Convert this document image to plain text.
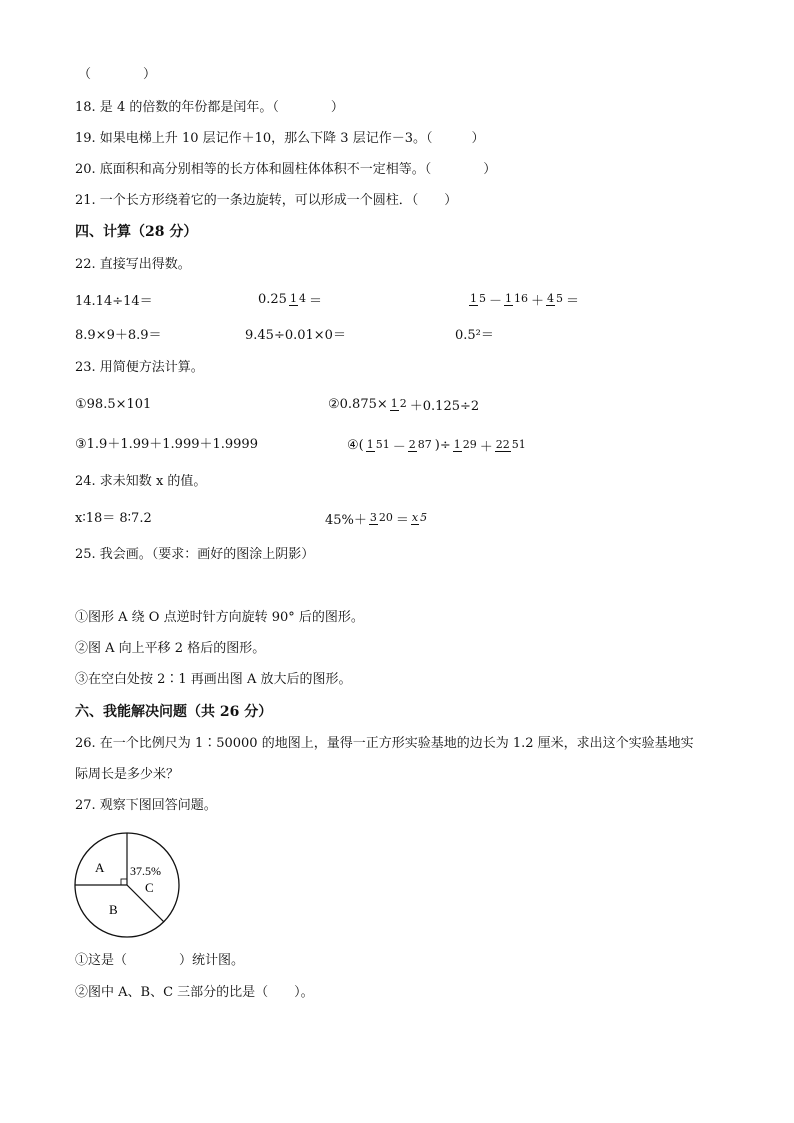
（　　　　）
18. 是 4 的倍数的年份都是闰年。（　　　　）
19. 如果电梯上升 10 层记作＋10，那么下降 3 层记作－3。（　　　）
20. 底面积和高分别相等的长方体和圆柱体体积不一定相等。（　　　　）
21. 一个长方形绕着它的一条边旋转，可以形成一个圆柱．（　　）
四、计算（28 分）
22. 直接写出得数。
14.14÷14＝	0.25 1 4 ＝	1 5 － 1 16 ＋ 4 5 ＝
8.9×9＋8.9＝	9.45÷0.01×0＝	0.5²＝
23. 用简便方法计算。
①98.5×101	②0.875× 1 2 ＋0.125÷2
③1.9＋1.99＋1.999＋1.9999	④( 1 51 － 2 87 )÷ 1 29 ＋ 22 51
24. 求未知数 x 的值。
x∶18＝ 8∶7.2	45%＋ 3 20 ＝ x 5
25. 我会画。（要求：画好的图涂上阴影）
①图形 A 绕 O 点逆时针方向旋转 90° 后的图形。
②图 A 向上平移 2 格后的图形。
③在空白处按 2∶1 再画出图 A 放大后的图形。
六、我能解决问题（共 26 分）
26. 在一个比例尺为 1∶50000 的地图上，量得一正方形实验基地的边长为 1.2 厘米，求出这个实验基地实
际周长是多少米？
27. 观察下图回答问题。
A
B
C
37.5%
①这是（　　　　）统计图。
②图中 A、B、C 三部分的比是（　　）。
